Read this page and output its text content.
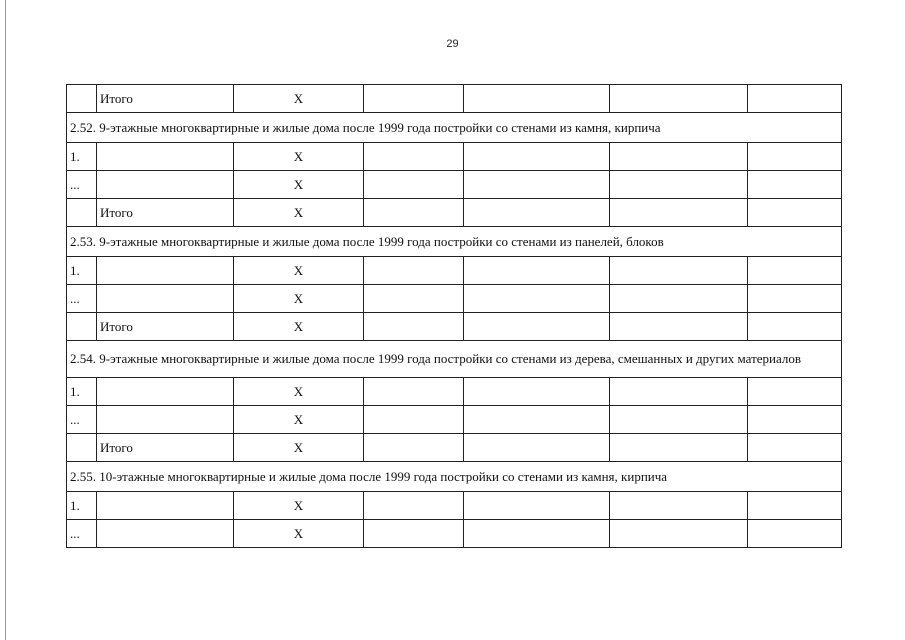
29
	Итого	X				
2.52. 9-этажные многоквартирные и жилые дома после 1999 года постройки со стенами из камня, кирпича						
1.		X				
...		X				
	Итого	X				
2.53. 9-этажные многоквартирные и жилые дома после 1999 года постройки со стенами из панелей, блоков						
1.		X				
...		X				
	Итого	X				
2.54. 9-этажные многоквартирные и жилые дома после 1999 года постройки со стенами из дерева, смешанных и других материалов						
1.		X				
...		X				
	Итого	X				
2.55. 10-этажные многоквартирные и жилые дома после 1999 года постройки со стенами из камня, кирпича						
1.		X				
...		X				
